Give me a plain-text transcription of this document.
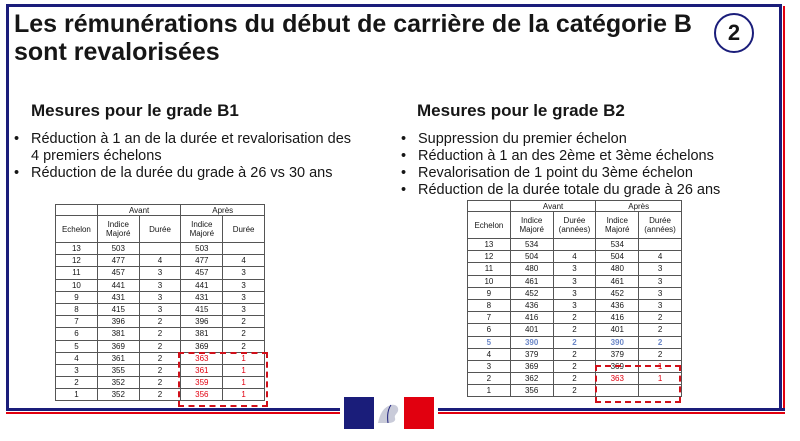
Les rémunérations du début de carrière de la catégorie B
sont revalorisées
2
Mesures pour le grade B1
• Réduction à 1 an de la durée et revalorisation des 4 premiers échelons
• Réduction de la durée du grade à 26 vs 30 ans
	Avant		Après	
Echelon	Indice Majoré	Durée	Indice Majoré	Durée
13	503		503	
12	477	4	477	4
11	457	3	457	3
10	441	3	441	3
9	431	3	431	3
8	415	3	415	3
7	396	2	396	2
6	381	2	381	2
5	369	2	369	2
4	361	2	363	1
3	355	2	361	1
2	352	2	359	1
1	352	2	356	1
Mesures pour le grade B2
• Suppression du premier échelon
• Réduction à 1 an des 2ème et 3ème échelons
• Revalorisation de 1 point du 3ème échelon
• Réduction de la durée totale du grade à 26 ans
	Avant		Après	
Echelon	Indice Majoré	Durée (années)	Indice Majoré	Durée (années)
13	534		534	
12	504	4	504	4
11	480	3	480	3
10	461	3	461	3
9	452	3	452	3
8	436	3	436	3
7	416	2	416	2
6	401	2	401	2
5	390	2	390	2
4	379	2	379	2
3	369	2	369	1
2	362	2	363	1
1	356	2		
